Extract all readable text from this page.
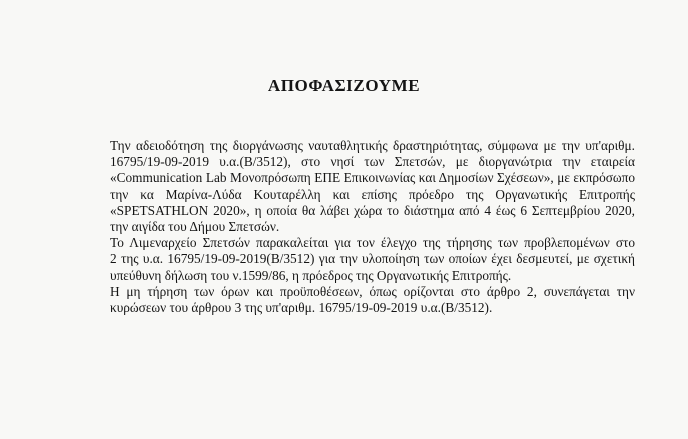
ΑΠΟΦΑΣΙΖΟΥΜΕ
Την αδειοδότηση της διοργάνωσης ναυταθλητικής δραστηριότητας, σύμφωνα με την υπ'αριθμ.
16795/19-09-2019 υ.α.(Β/3512), στο νησί των Σπετσών, με διοργανώτρια την εταιρεία
«Communication Lab Μονοπρόσωπη ΕΠΕ Επικοινωνίας και Δημοσίων Σχέσεων», με εκπρόσωπο
την κα Μαρίνα-Λύδα Κουταρέλλη και επίσης πρόεδρο της Οργανωτικής Επιτροπής
«SPETSATHLON 2020», η οποία θα λάβει χώρα το διάστημα από 4 έως 6 Σεπτεμβρίου 2020,
την αιγίδα του Δήμου Σπετσών.
Το Λιμεναρχείο Σπετσών παρακαλείται για τον έλεγχο της τήρησης των προβλεπομένων στο
2 της υ.α. 16795/19-09-2019(Β/3512) για την υλοποίηση των οποίων έχει δεσμευτεί, με σχετική
υπεύθυνη δήλωση του ν.1599/86, η πρόεδρος της Οργανωτικής Επιτροπής.
Η μη τήρηση των όρων και προϋποθέσεων, όπως ορίζονται στο άρθρο 2, συνεπάγεται την
κυρώσεων του άρθρου 3 της υπ'αριθμ. 16795/19-09-2019 υ.α.(Β/3512).
